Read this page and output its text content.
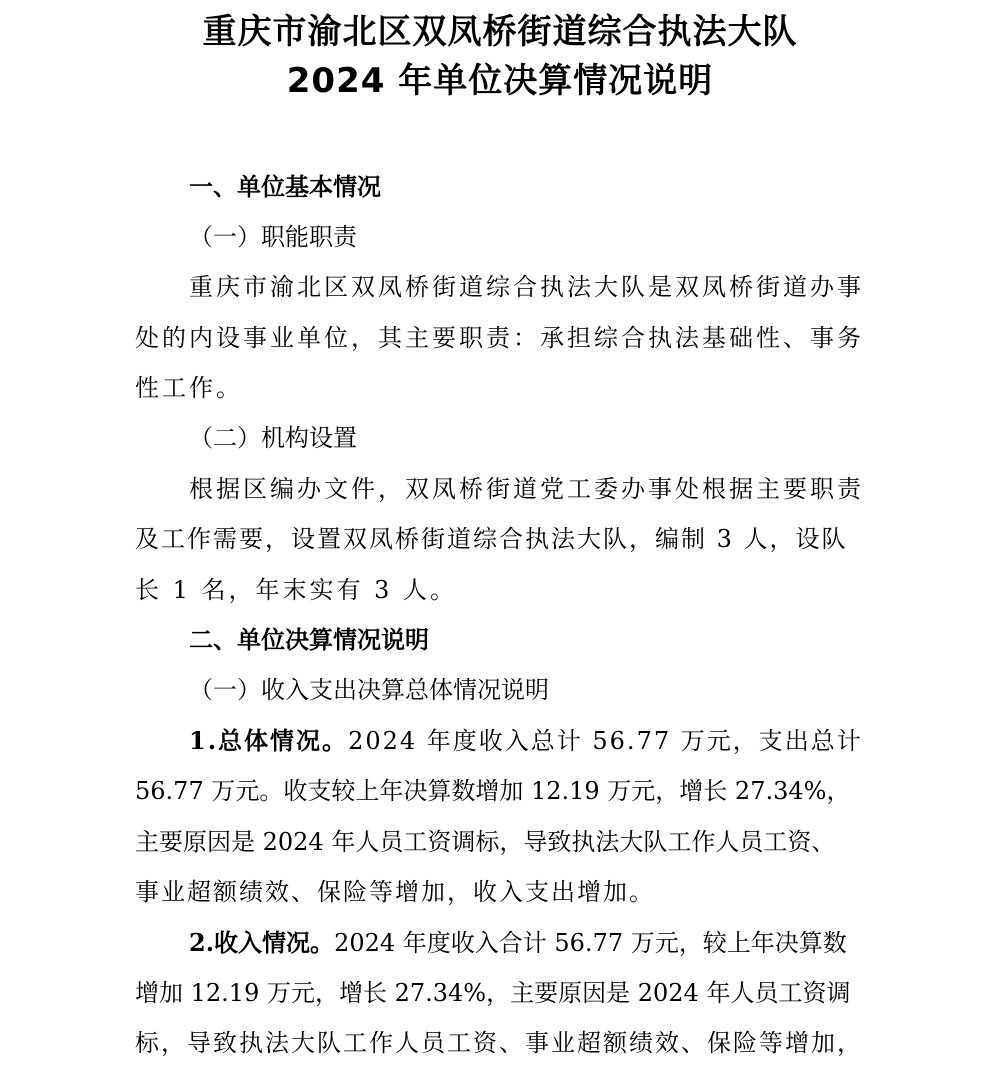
重庆市渝北区双凤桥街道综合执法大队
2024 年单位决算情况说明

一、单位基本情况

（一）职能职责

重庆市渝北区双凤桥街道综合执法大队是双凤桥街道办事

处的内设事业单位，其主要职责：承担综合执法基础性、事务

性工作。

（二）机构设置

根据区编办文件，双凤桥街道党工委办事处根据主要职责

及工作需要，设置双凤桥街道综合执法大队，编制 3 人，设队

长 1 名，年末实有 3 人。

二、单位决算情况说明

（一）收入支出决算总体情况说明

1.总体情况。2024 年度收入总计 56.77 万元，支出总计

56.77 万元。收支较上年决算数增加 12.19 万元，增长 27.34%，

主要原因是 2024 年人员工资调标，导致执法大队工作人员工资、

事业超额绩效、保险等增加，收入支出增加。

2.收入情况。2024 年度收入合计 56.77 万元，较上年决算数

增加 12.19 万元，增长 27.34%，主要原因是 2024 年人员工资调

标，导致执法大队工作人员工资、事业超额绩效、保险等增加，
